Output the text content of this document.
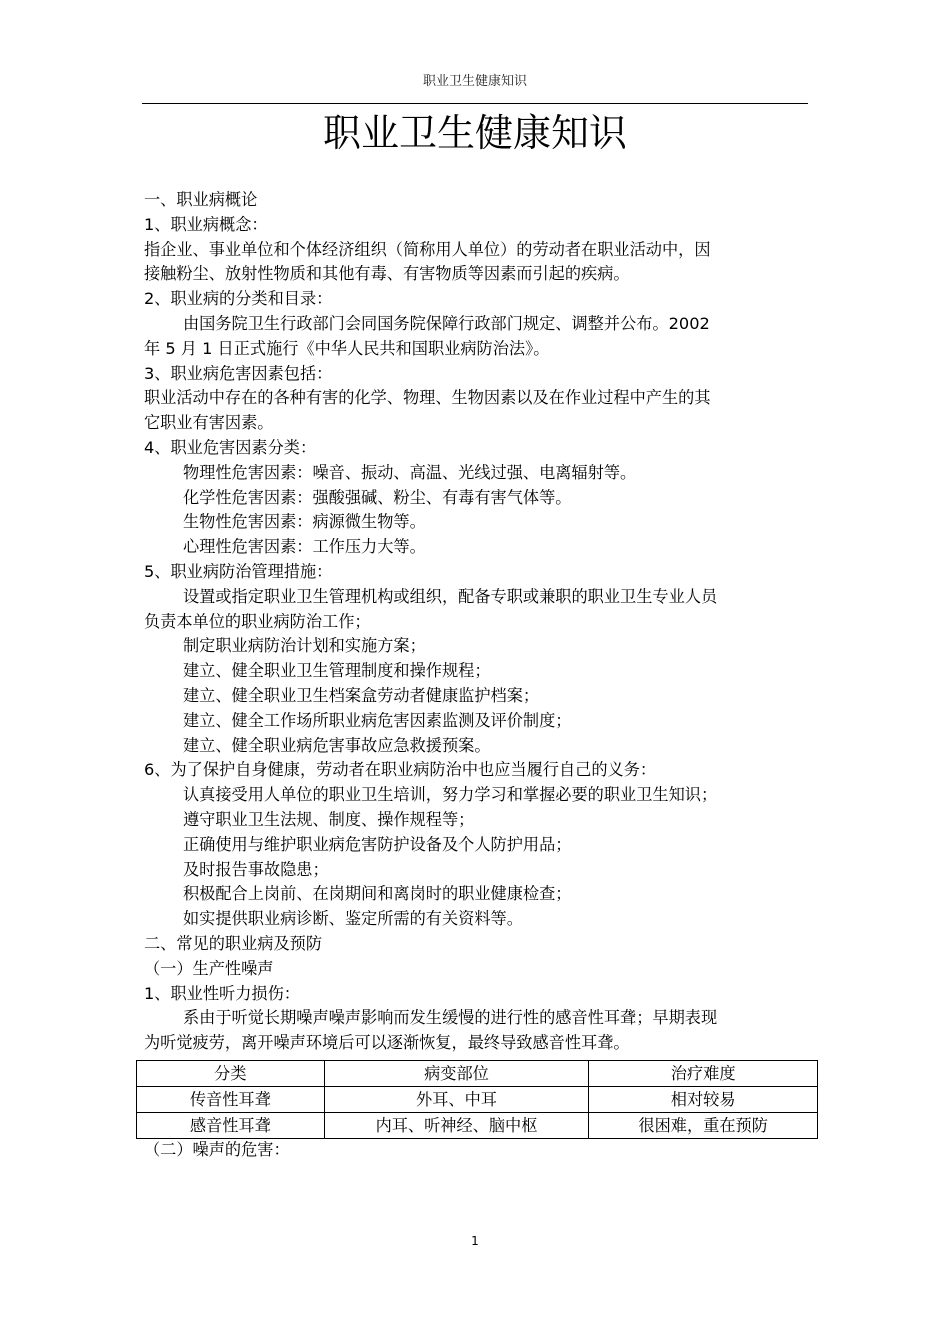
职业卫生健康知识
职业卫生健康知识
一、职业病概论
1、职业病概念：
指企业、事业单位和个体经济组织（简称用人单位）的劳动者在职业活动中，因
接触粉尘、放射性物质和其他有毒、有害物质等因素而引起的疾病。
2、职业病的分类和目录：
由国务院卫生行政部门会同国务院保障行政部门规定、调整并公布。2002
年 5 月 1 日正式施行《中华人民共和国职业病防治法》。
3、职业病危害因素包括：
职业活动中存在的各种有害的化学、物理、生物因素以及在作业过程中产生的其
它职业有害因素。
4、职业危害因素分类：
物理性危害因素：噪音、振动、高温、光线过强、电离辐射等。
化学性危害因素：强酸强碱、粉尘、有毒有害气体等。
生物性危害因素：病源微生物等。
心理性危害因素：工作压力大等。
5、职业病防治管理措施：
设置或指定职业卫生管理机构或组织，配备专职或兼职的职业卫生专业人员
负责本单位的职业病防治工作；
制定职业病防治计划和实施方案；
建立、健全职业卫生管理制度和操作规程；
建立、健全职业卫生档案盒劳动者健康监护档案；
建立、健全工作场所职业病危害因素监测及评价制度；
建立、健全职业病危害事故应急救援预案。
6、为了保护自身健康，劳动者在职业病防治中也应当履行自己的义务：
认真接受用人单位的职业卫生培训，努力学习和掌握必要的职业卫生知识；
遵守职业卫生法规、制度、操作规程等；
正确使用与维护职业病危害防护设备及个人防护用品；
及时报告事故隐患；
积极配合上岗前、在岗期间和离岗时的职业健康检查；
如实提供职业病诊断、鉴定所需的有关资料等。
二、常见的职业病及预防
（一）生产性噪声
1、职业性听力损伤：
系由于听觉长期噪声噪声影响而发生缓慢的进行性的感音性耳聋；早期表现
为听觉疲劳，离开噪声环境后可以逐渐恢复，最终导致感音性耳聋。
分类	病变部位	治疗难度
传音性耳聋	外耳、中耳	相对较易
感音性耳聋	内耳、听神经、脑中枢	很困难，重在预防
（二）噪声的危害：
1
